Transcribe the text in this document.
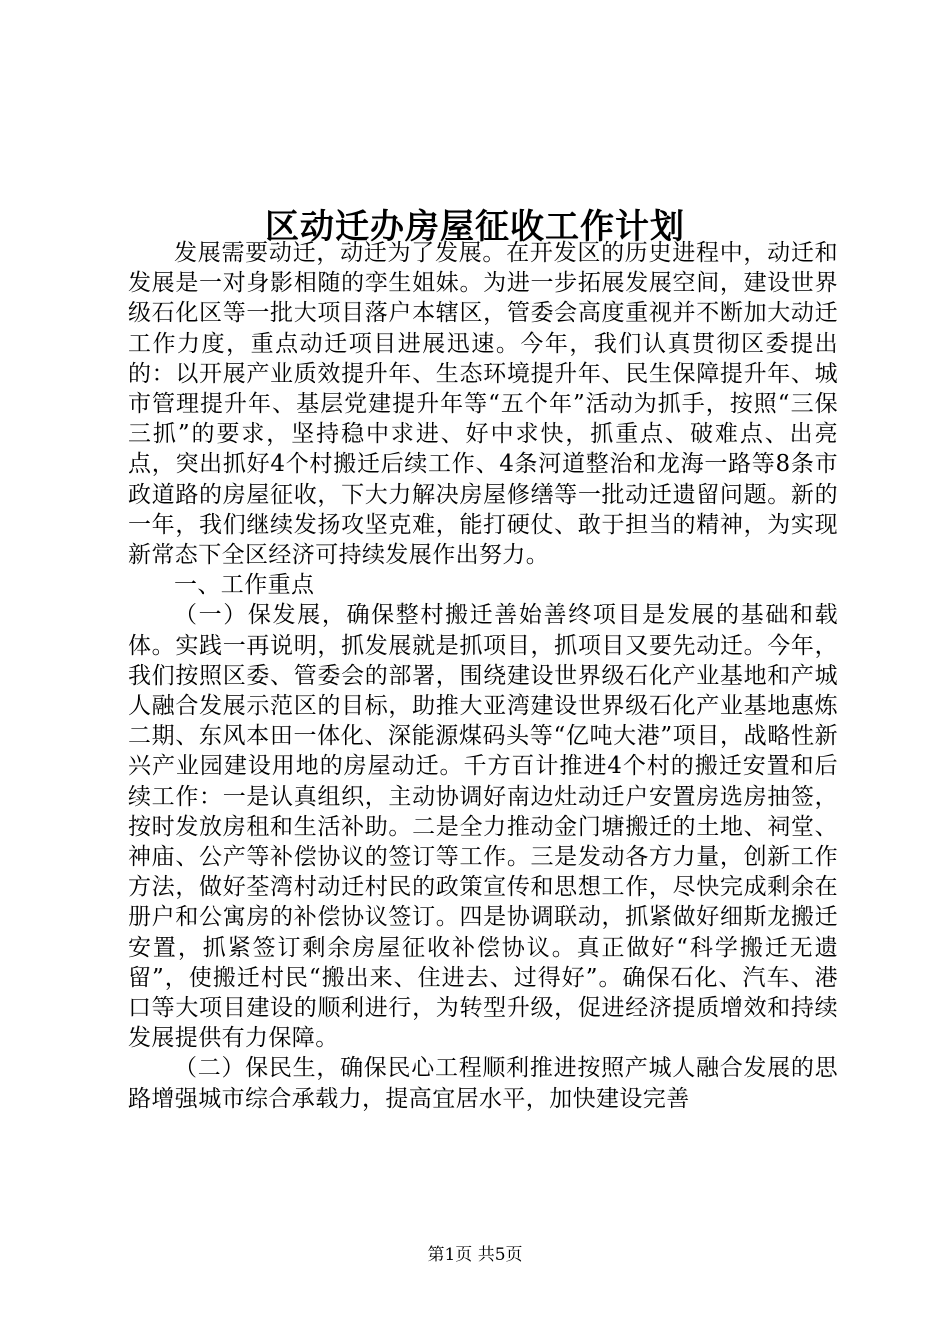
区动迁办房屋征收工作计划

发展需要动迁，动迁为了发展。在开发区的历史进程中，动迁和发展是一对身影相随的孪生姐妹。为进一步拓展发展空间，建设世界级石化区等一批大项目落户本辖区，管委会高度重视并不断加大动迁工作力度，重点动迁项目进展迅速。今年，我们认真贯彻区委提出的：以开展产业质效提升年、生态环境提升年、民生保障提升年、城市管理提升年、基层党建提升年等“五个年”活动为抓手，按照“三保三抓”的要求，坚持稳中求进、好中求快，抓重点、破难点、出亮点，突出抓好4个村搬迁后续工作、4条河道整治和龙海一路等8条市政道路的房屋征收，下大力解决房屋修缮等一批动迁遗留问题。新的一年，我们继续发扬攻坚克难，能打硬仗、敢于担当的精神，为实现新常态下全区经济可持续发展作出努力。

一、工作重点

（一）保发展，确保整村搬迁善始善终项目是发展的基础和载体。实践一再说明，抓发展就是抓项目，抓项目又要先动迁。今年，我们按照区委、管委会的部署，围绕建设世界级石化产业基地和产城人融合发展示范区的目标，助推大亚湾建设世界级石化产业基地惠炼二期、东风本田一体化、深能源煤码头等“亿吨大港”项目，战略性新兴产业园建设用地的房屋动迁。千方百计推进4个村的搬迁安置和后续工作：一是认真组织，主动协调好南边灶动迁户安置房选房抽签，按时发放房租和生活补助。二是全力推动金门塘搬迁的土地、祠堂、神庙、公产等补偿协议的签订等工作。三是发动各方力量，创新工作方法，做好荃湾村动迁村民的政策宣传和思想工作，尽快完成剩余在册户和公寓房的补偿协议签订。四是协调联动，抓紧做好细斯龙搬迁安置，抓紧签订剩余房屋征收补偿协议。真正做好“科学搬迁无遗留”，使搬迁村民“搬出来、住进去、过得好”。确保石化、汽车、港口等大项目建设的顺利进行，为转型升级，促进经济提质增效和持续发展提供有力保障。

（二）保民生，确保民心工程顺利推进按照产城人融合发展的思路增强城市综合承载力，提高宜居水平，加快建设完善

第1页 共5页
